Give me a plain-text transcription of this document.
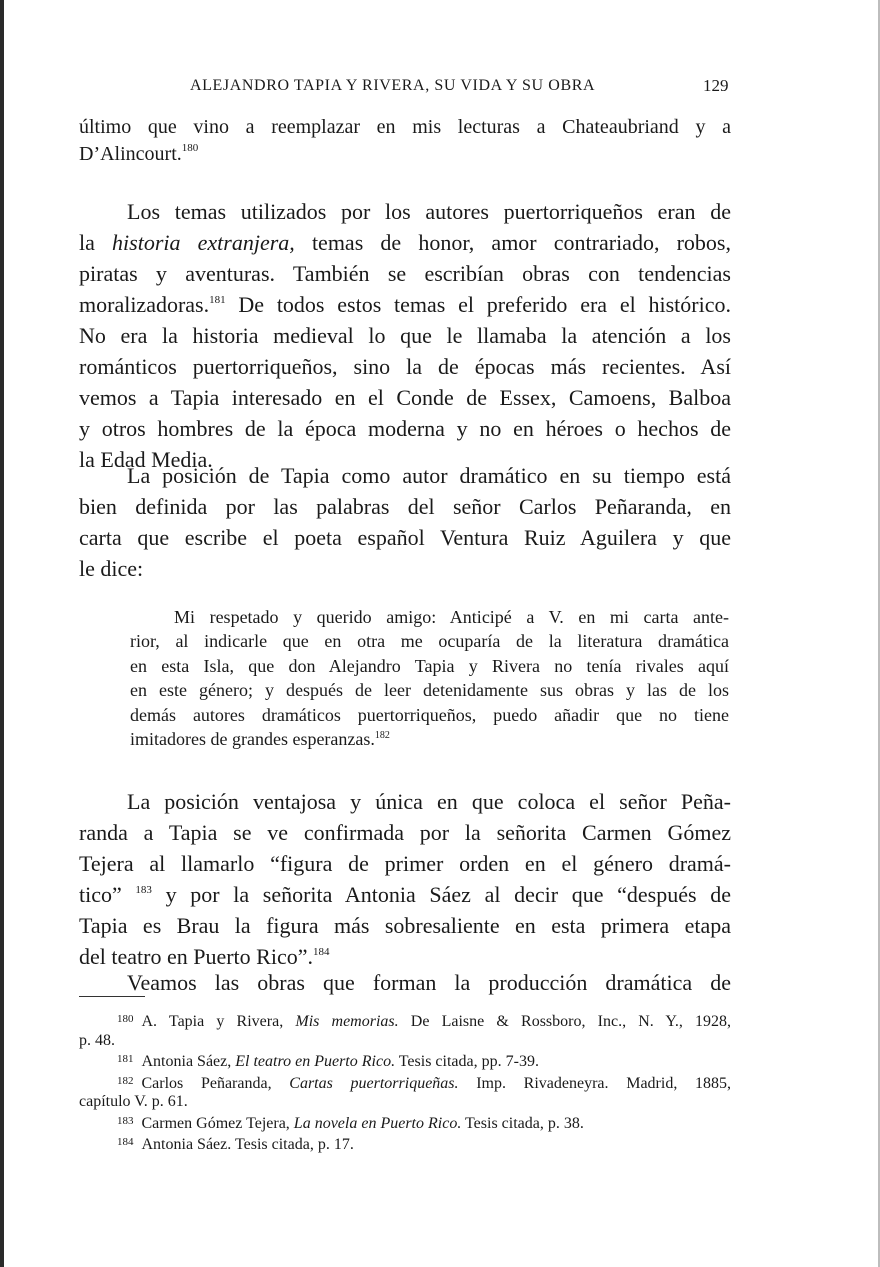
ALEJANDRO TAPIA Y RIVERA, SU VIDA Y SU OBRA	129
último que vino a reemplazar en mis lecturas a Chateaubriand y a
D’Alincourt.$^{180}$
Los temas utilizados por los autores puertorriqueños eran de
la historia extranjera, temas de honor, amor contrariado, robos,
piratas y aventuras. También se escribían obras con tendencias
moralizadoras.$^{181}$ De todos estos temas el preferido era el histórico.
No era la historia medieval lo que le llamaba la atención a los
románticos puertorriqueños, sino la de épocas más recientes. Así
vemos a Tapia interesado en el Conde de Essex, Camoens, Balboa
y otros hombres de la época moderna y no en héroes o hechos de
la Edad Media.
La posición de Tapia como autor dramático en su tiempo está
bien definida por las palabras del señor Carlos Peñaranda, en
carta que escribe el poeta español Ventura Ruiz Aguilera y que
le dice:
Mi respetado y querido amigo: Anticipé a V. en mi carta ante-
rior, al indicarle que en otra me ocuparía de la literatura dramática
en esta Isla, que don Alejandro Tapia y Rivera no tenía rivales aquí
en este género; y después de leer detenidamente sus obras y las de los
demás autores dramáticos puertorriqueños, puedo añadir que no tiene
imitadores de grandes esperanzas.$^{182}$
La posición ventajosa y única en que coloca el señor Peña-
randa a Tapia se ve confirmada por la señorita Carmen Gómez
Tejera al llamarlo “figura de primer orden en el género dramá-
tico” $^{183}$ y por la señorita Antonia Sáez al decir que “después de
Tapia es Brau la figura más sobresaliente en esta primera etapa
del teatro en Puerto Rico”.$^{184}$
Veamos las obras que forman la producción dramática de
$^{180}$ A. Tapia y Rivera, Mis memorias. De Laisne & Rossboro, Inc., N. Y., 1928,
p. 48.
$^{181}$ Antonia Sáez, El teatro en Puerto Rico. Tesis citada, pp. 7-39.
$^{182}$ Carlos Peñaranda, Cartas puertorriqueñas. Imp. Rivadeneyra. Madrid, 1885,
capítulo V. p. 61.
$^{183}$ Carmen Gómez Tejera, La novela en Puerto Rico. Tesis citada, p. 38.
$^{184}$ Antonia Sáez. Tesis citada, p. 17.
